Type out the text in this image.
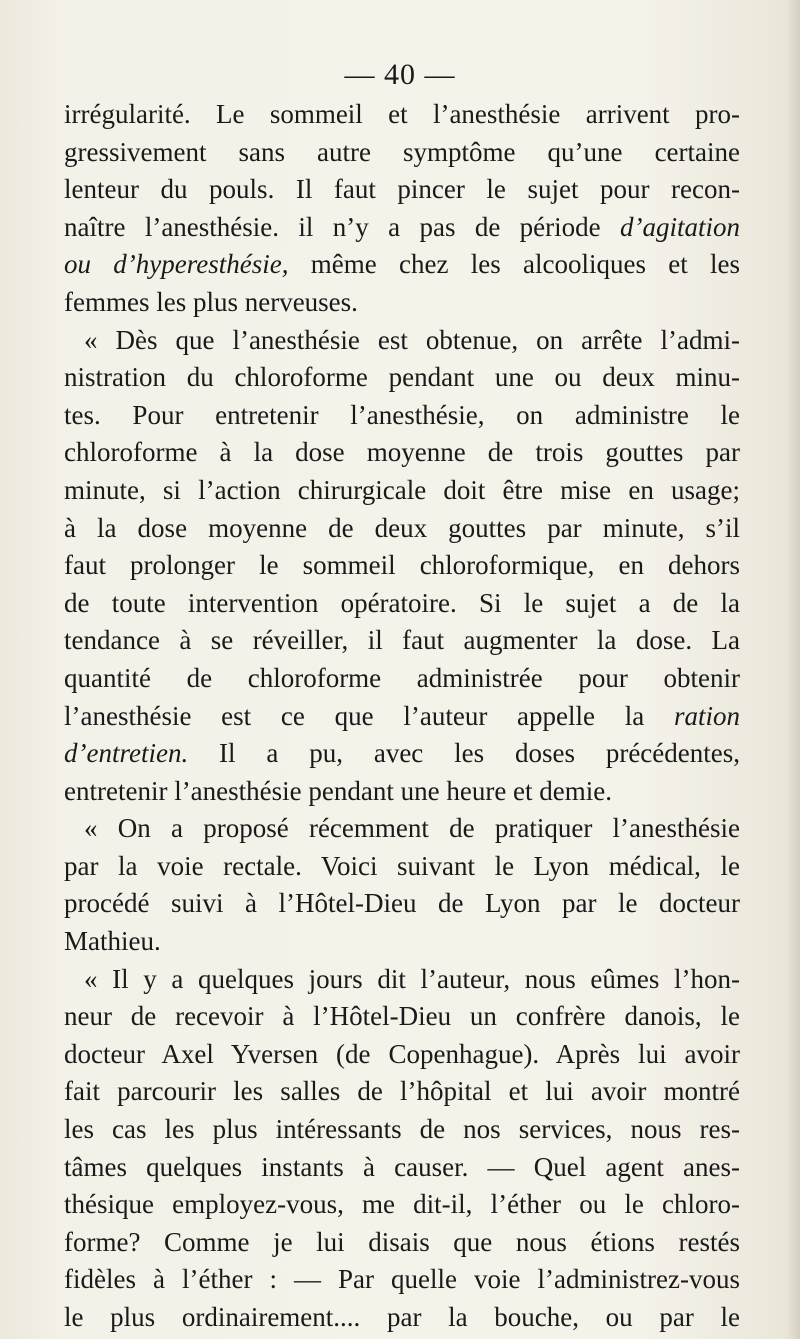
— 40 —
irrégularité. Le sommeil et l’anesthésie arrivent pro-
gressivement sans autre symptôme qu’une certaine
lenteur du pouls. Il faut pincer le sujet pour recon-
naître l’anesthésie. il n’y a pas de période d’agitation
ou d’hyperesthésie, même chez les alcooliques et les
femmes les plus nerveuses.
« Dès que l’anesthésie est obtenue, on arrête l’admi-
nistration du chloroforme pendant une ou deux minu-
tes. Pour entretenir l’anesthésie, on administre le
chloroforme à la dose moyenne de trois gouttes par
minute, si l’action chirurgicale doit être mise en usage;
à la dose moyenne de deux gouttes par minute, s’il
faut prolonger le sommeil chloroformique, en dehors
de toute intervention opératoire. Si le sujet a de la
tendance à se réveiller, il faut augmenter la dose. La
quantité de chloroforme administrée pour obtenir
l’anesthésie est ce que l’auteur appelle la ration
d’entretien. Il a pu, avec les doses précédentes,
entretenir l’anesthésie pendant une heure et demie.
« On a proposé récemment de pratiquer l’anesthésie
par la voie rectale. Voici suivant le Lyon médical, le
procédé suivi à l’Hôtel-Dieu de Lyon par le docteur
Mathieu.
« Il y a quelques jours dit l’auteur, nous eûmes l’hon-
neur de recevoir à l’Hôtel-Dieu un confrère danois, le
docteur Axel Yversen (de Copenhague). Après lui avoir
fait parcourir les salles de l’hôpital et lui avoir montré
les cas les plus intéressants de nos services, nous res-
tâmes quelques instants à causer. — Quel agent anes-
thésique employez-vous, me dit-il, l’éther ou le chloro-
forme? Comme je lui disais que nous étions restés
fidèles à l’éther : — Par quelle voie l’administrez-vous
le plus ordinairement.... par la bouche, ou par le
